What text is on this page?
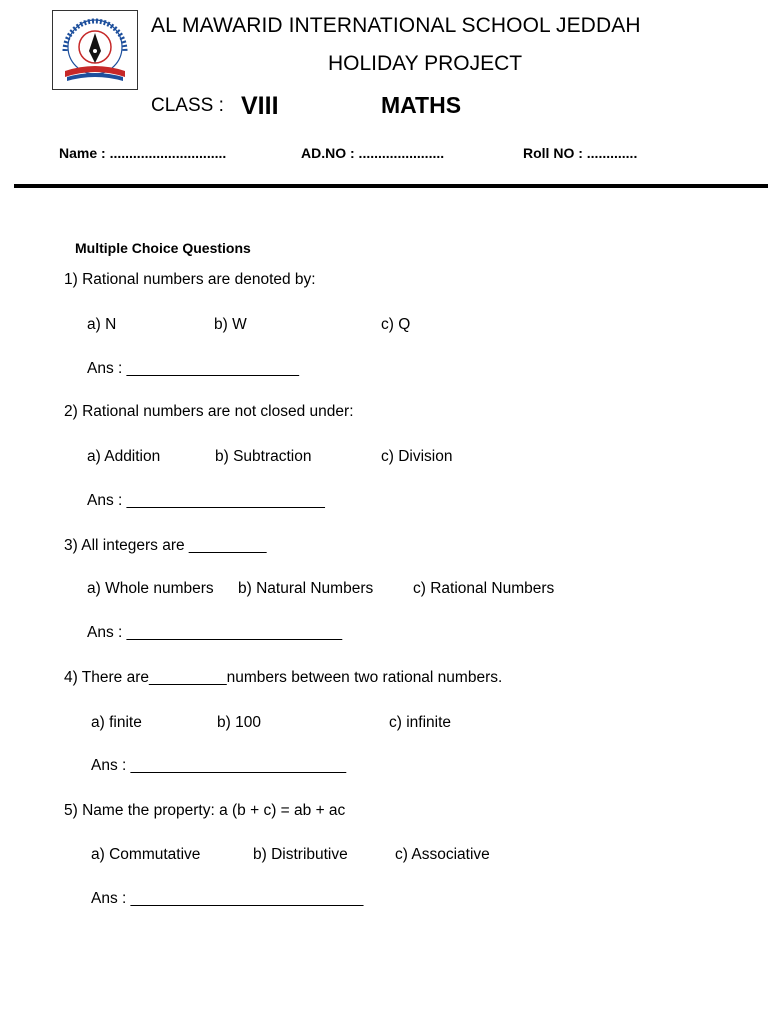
AL MAWARID INTERNATIONAL SCHOOL JEDDAH
HOLIDAY PROJECT
CLASS : VIII	MATHS
Name : ..............................	AD.NO : ......................	Roll NO : .............
Multiple Choice Questions
1) Rational numbers are denoted by:
a) N	b) W	c) Q
Ans : ____________________
2) Rational numbers are not closed under:
a) Addition	b) Subtraction	c) Division
Ans : _______________________
3) All integers are _________
a) Whole numbers b) Natural Numbers	c) Rational Numbers
Ans : _________________________
4) There are_________numbers between two rational numbers.
a) finite	b) 100	c) infinite
Ans : _________________________
5) Name the property: a (b + c) = ab + ac
a) Commutative	b) Distributive	c) Associative
Ans : ___________________________
